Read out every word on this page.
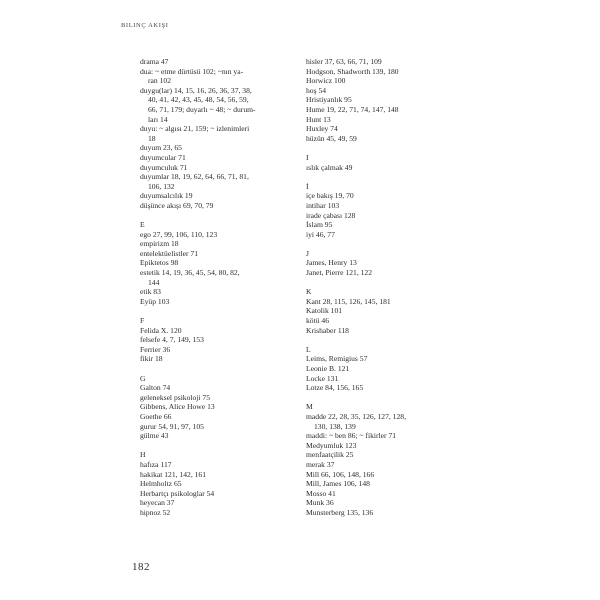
BILINÇ AKIŞI
drama 47
dua: ~ etme dürtüsü 102; ~nın ya-
ran 102
duygu(lar) 14, 15, 16, 26, 36, 37, 38,
40, 41, 42, 43, 45, 48, 54, 56, 59,
66, 71, 179; duyarlı ~ 48; ~ durum-
ları 14
duyu: ~ algısı 21, 159; ~ izlenimleri
18
duyum 23, 65
duyumcular 71
duyumculuk 71
duyumlar 18, 19, 62, 64, 66, 71, 81,
106, 132
duyumsalcılık 19
düşünce akışı 69, 70, 79
E
ego 27, 99, 106, 110, 123
empirizm 18
entelektüelistler 71
Epiktetos 98
estetik 14, 19, 36, 45, 54, 80, 82,
144
etik 83
Eyüp 103
F
Felida X. 120
felsefe 4, 7, 149, 153
Ferrier 36
fikir 18
G
Galton 74
geleneksel psikoloji 75
Gibbens, Alice Howe 13
Goethe 66
gurur 54, 91, 97, 105
gülme 43
H
hafıza 117
hakikat 121, 142, 161
Helmholtz 65
Herbartçı psikologlar 54
heyecan 37
hipnoz 52
hisler 37, 63, 66, 71, 109
Hodgson, Shadworth 139, 180
Horwicz 100
hoş 54
Hristiyanlık 95
Hume 19, 22, 71, 74, 147, 148
Hunt 13
Huxley 74
hüzün 45, 49, 59
I
ıslık çalmak 49
İ
içe bakış 19, 70
intihar 103
irade çabası 128
İslam 95
iyi 46, 77
J
James, Henry 13
Janet, Pierre 121, 122
K
Kant 28, 115, 126, 145, 181
Katolik 101
kötü 46
Krishaber 118
L
Leims, Remigius 57
Leonie B. 121
Locke 131
Lotze 84, 156, 165
M
madde 22, 28, 35, 126, 127, 128,
130, 138, 139
maddi: ~ ben 86; ~ fikirler 71
Medyumluk 123
menfaatçilik 25
merak 37
Mill 66, 106, 148, 166
Mill, James 106, 148
Mosso 41
Munk 36
Munsterberg 135, 136
182
